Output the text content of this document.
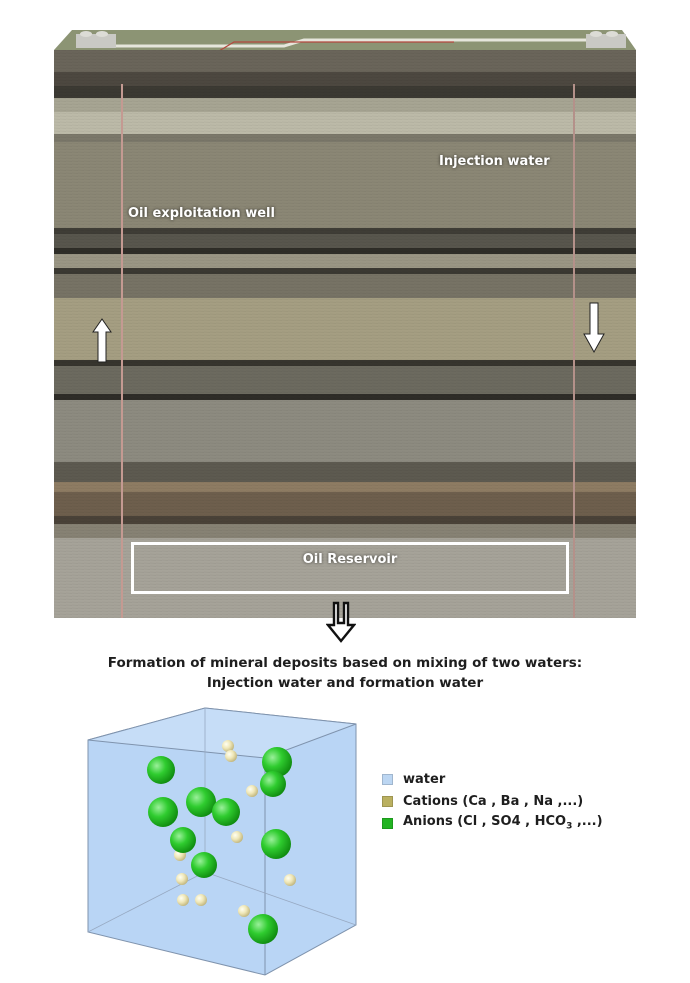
Injection water
Oil exploitation well
Oil Reservoir
Formation of mineral deposits based on mixing of two waters:
Injection water and formation water
water
Cations (Ca , Ba , Na ,...)
Anions (Cl , SO4 , $HCO_3$ ,...)
